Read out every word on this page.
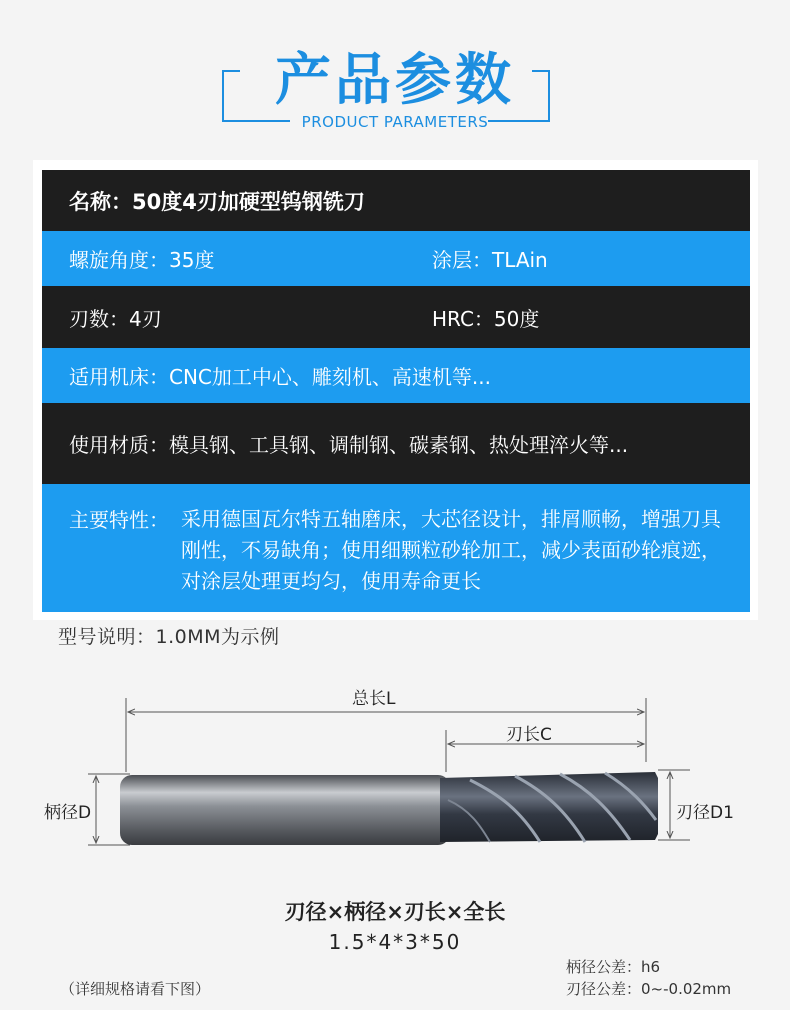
产品参数
PRODUCT PARAMETERS
名称：50度4刃加硬型钨钢铣刀
螺旋角度：35度	涂层：TLAin
刃数：4刃	HRC：50度
适用机床：CNC加工中心、雕刻机、高速机等...
使用材质：模具钢、工具钢、调制钢、碳素钢、热处理淬火等...
主要特性： 采用德国瓦尔特五轴磨床，大芯径设计，排屑顺畅，增强刀具刚性，不易缺角；使用细颗粒砂轮加工，减少表面砂轮痕迹，对涂层处理更均匀，使用寿命更长
型号说明：1.0MM为示例
总长L
刃长C
柄径D	刃径D1
刃径×柄径×刃长×全长
1.5*4*3*50
（详细规格请看下图）
柄径公差：h6
刃径公差：0~-0.02mm
